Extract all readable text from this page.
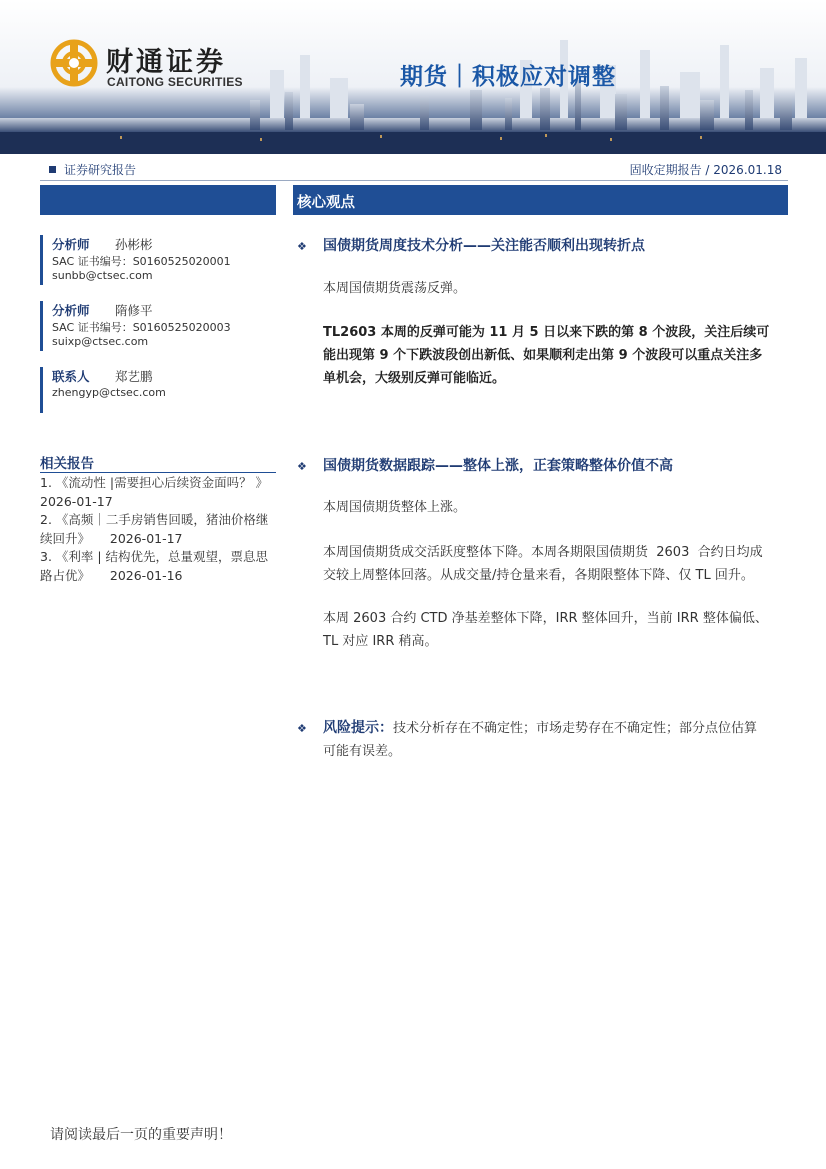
财通证券
CAITONG SECURITIES	期货｜积极应对调整
证券研究报告	固收定期报告 / 2026.01.18
分析师 孙彬彬
SAC 证书编号：S0160525020001
sunbb@ctsec.com
分析师 隋修平
SAC 证书编号：S0160525020003
suixp@ctsec.com
联系人 郑艺鹏
zhengyp@ctsec.com
相关报告
1. 《流动性 |需要担心后续资金面吗？ 》
2026-01-17
2. 《高频｜二手房销售回暖，猪油价格继
续回升》     2026-01-17
3. 《利率 | 结构优先，总量观望，票息思
路占优》     2026-01-16
核心观点
❖ 国债期货周度技术分析——关注能否顺利出现转折点
本周国债期货震荡反弹。
TL2603 本周的反弹可能为 11 月 5 日以来下跌的第 8 个波段，关注后续可
能出现第 9 个下跌波段创出新低、如果顺利走出第 9 个波段可以重点关注多
单机会，大级别反弹可能临近。
❖ 国债期货数据跟踪——整体上涨，正套策略整体价值不高
本周国债期货整体上涨。
本周国债期货成交活跃度整体下降。本周各期限国债期货  2603  合约日均成
交较上周整体回落。从成交量/持仓量来看，各期限整体下降、仅 TL 回升。
本周 2603 合约 CTD 净基差整体下降，IRR 整体回升，当前 IRR 整体偏低、
TL 对应 IRR 稍高。
❖ 风险提示：技术分析存在不确定性；市场走势存在不确定性；部分点位估算
可能有误差。
请阅读最后一页的重要声明！
